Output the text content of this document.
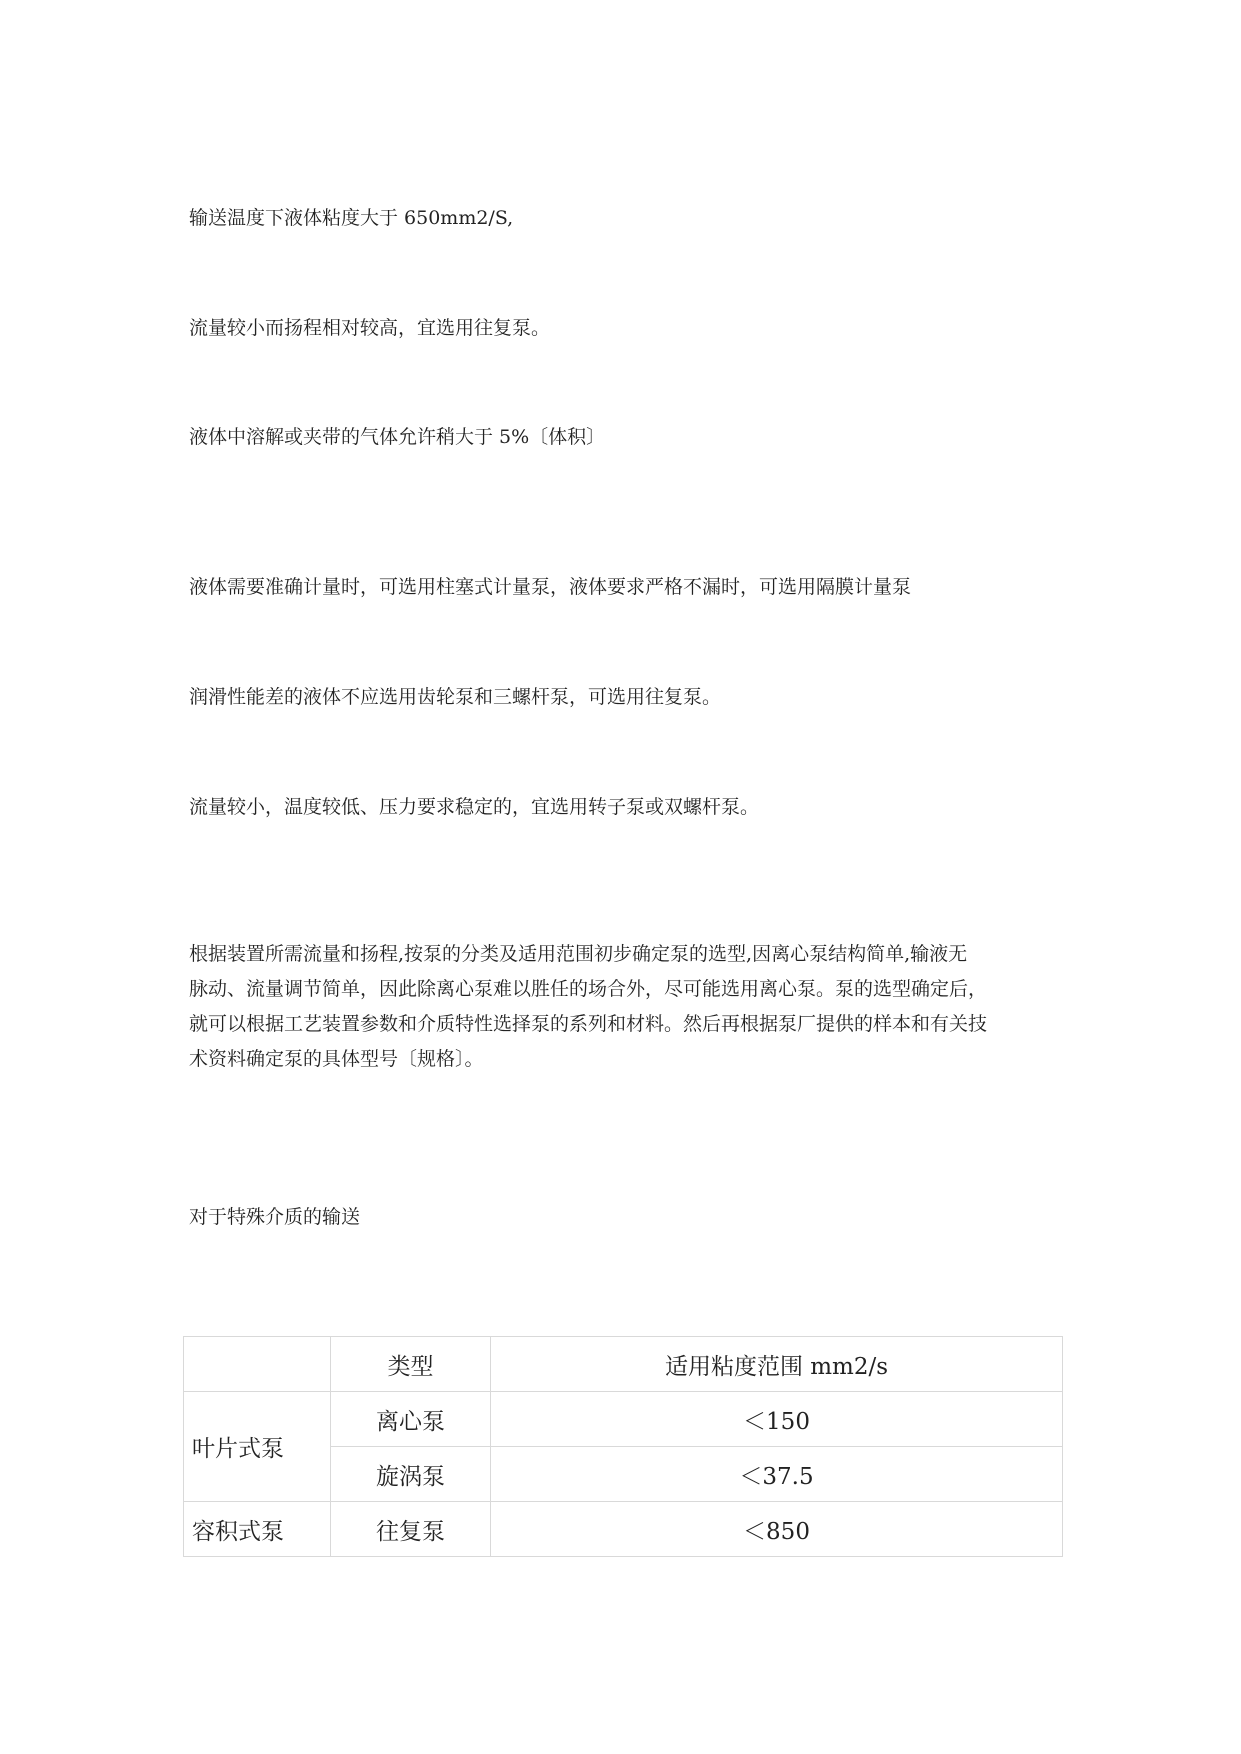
输送温度下液体粘度大于 650mm2/S,
流量较小而扬程相对较高，宜选用往复泵。
液体中溶解或夹带的气体允许稍大于 5%〔体积〕
液体需要准确计量时，可选用柱塞式计量泵，液体要求严格不漏时，可选用隔膜计量泵
润滑性能差的液体不应选用齿轮泵和三螺杆泵，可选用往复泵。
流量较小，温度较低、压力要求稳定的，宜选用转子泵或双螺杆泵。
根据装置所需流量和扬程,按泵的分类及适用范围初步确定泵的选型,因离心泵结构简单,输液无
脉动、流量调节简单，因此除离心泵难以胜任的场合外，尽可能选用离心泵。泵的选型确定后，
就可以根据工艺装置参数和介质特性选择泵的系列和材料。然后再根据泵厂提供的样本和有关技
术资料确定泵的具体型号〔规格〕。
对于特殊介质的输送
	类型	适用粘度范围 mm2/s
叶片式泵	离心泵	＜150
	旋涡泵	＜37.5
容积式泵	往复泵	＜850
